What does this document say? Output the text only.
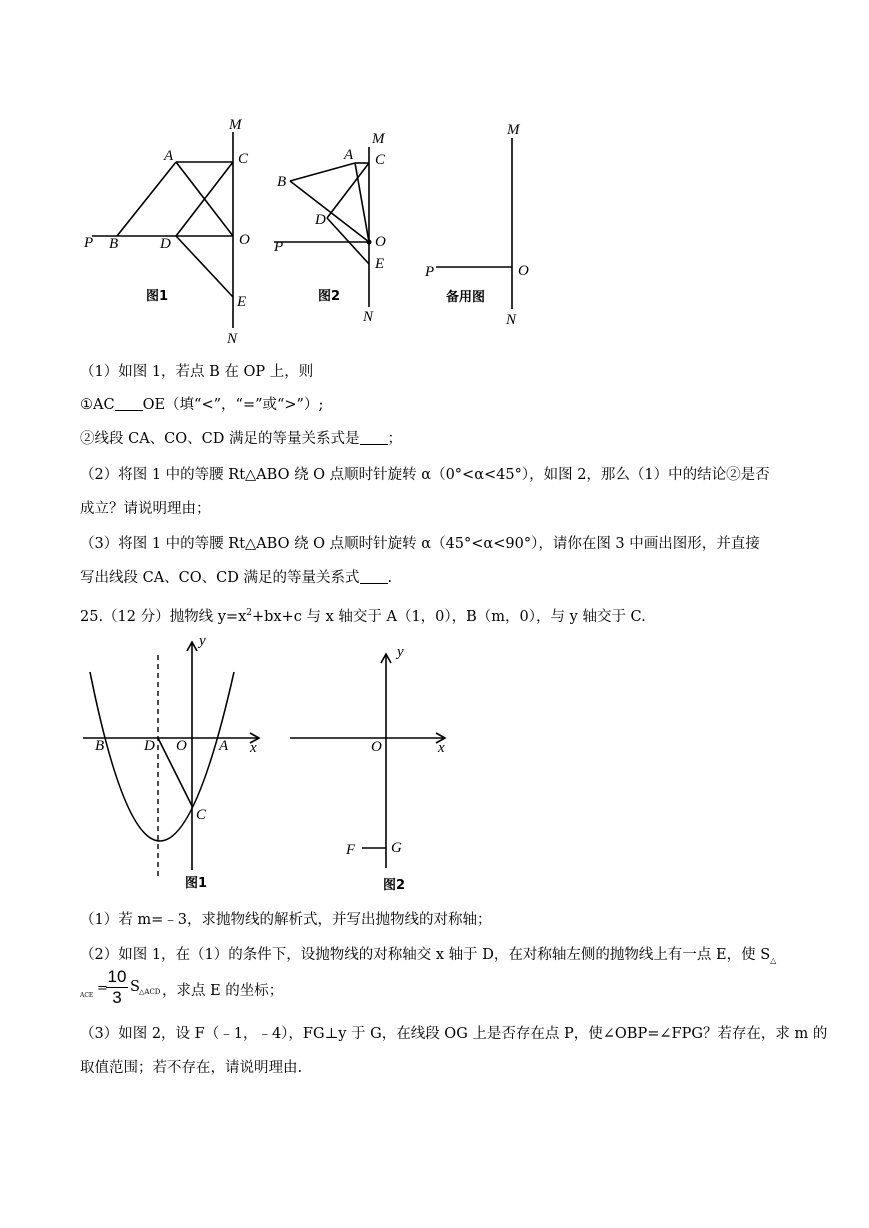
M
A	C
P B	D	O
E
N
M
A C
B
D
P	O
E
N
M
P	O
N
图1	图2	备用图
（1）如图 1，若点 B 在 OP 上，则
①AC OE（填“<”，“=”或“>”）;
②线段 CA、CO、CD 满足的等量关系式是 ；
（2）将图 1 中的等腰 Rt△ABO 绕 O 点顺时针旋转 α（0°<α<45°），如图 2，那么（1）中的结论②是否
成立？请说明理由；
（3）将图 1 中的等腰 Rt△ABO 绕 O 点顺时针旋转 α（45°<α<90°），请你在图 3 中画出图形，并直接
写出线段 CA、CO、CD 满足的等量关系式 .
25.（12 分）抛物线 $y=x^2+bx+c$ 与 x 轴交于 A（1，0），B（m，0），与 y 轴交于 C.
y
B	D O A x
C
y
O	x
F G
图1	图2
（1）若 m=﹣3，求抛物线的解析式，并写出抛物线的对称轴；
（2）如图 1，在（1）的条件下，设抛物线的对称轴交 x 轴于 D，在对称轴左侧的抛物线上有一点 E，使 $S_\triangle$
ACE =
10
3
S △ACD ，求点 E 的坐标；
（3）如图 2，设 F（﹣1，﹣4），FG⊥y 于 G，在线段 OG 上是否存在点 P，使∠OBP=∠FPG？若存在，求 m 的
取值范围；若不存在，请说明理由.
